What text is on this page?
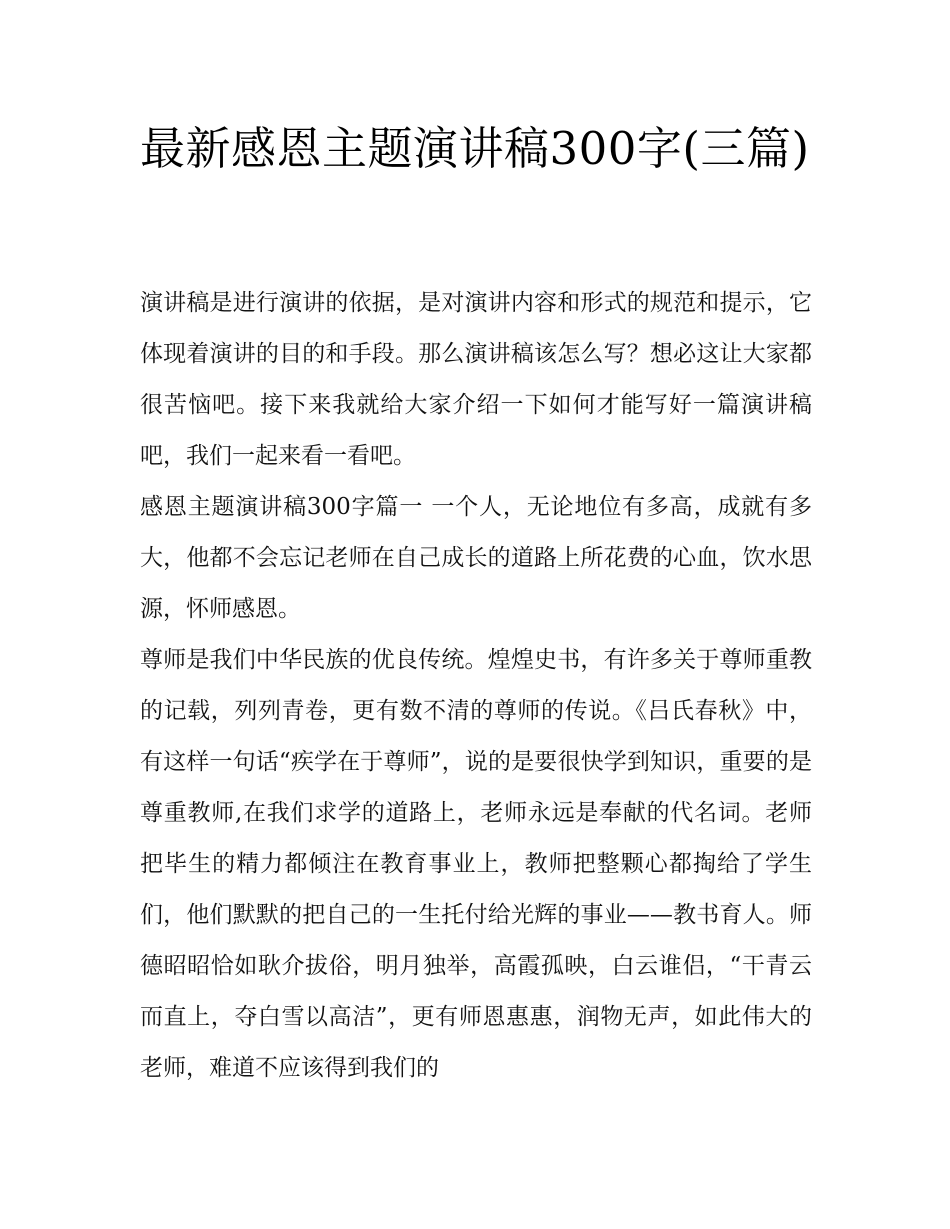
最新感恩主题演讲稿300字(三篇)

演讲稿是进行演讲的依据，是对演讲内容和形式的规范和提示，它体现着演讲的目的和手段。那么演讲稿该怎么写？想必这让大家都很苦恼吧。接下来我就给大家介绍一下如何才能写好一篇演讲稿吧，我们一起来看一看吧。

感恩主题演讲稿300字篇一 一个人，无论地位有多高，成就有多大，他都不会忘记老师在自己成长的道路上所花费的心血，饮水思源，怀师感恩。

尊师是我们中华民族的优良传统。煌煌史书，有许多关于尊师重教的记载，列列青卷，更有数不清的尊师的传说。《吕氏春秋》中，有这样一句话“疾学在于尊师”，说的是要很快学到知识，重要的是尊重教师,在我们求学的道路上，老师永远是奉献的代名词。老师把毕生的精力都倾注在教育事业上，教师把整颗心都掏给了学生们，他们默默的把自己的一生托付给光辉的事业——教书育人。师德昭昭恰如耿介拔俗，明月独举，高霞孤映，白云谁侣，“干青云而直上，夺白雪以高洁”，更有师恩惠惠，润物无声，如此伟大的老师，难道不应该得到我们的
